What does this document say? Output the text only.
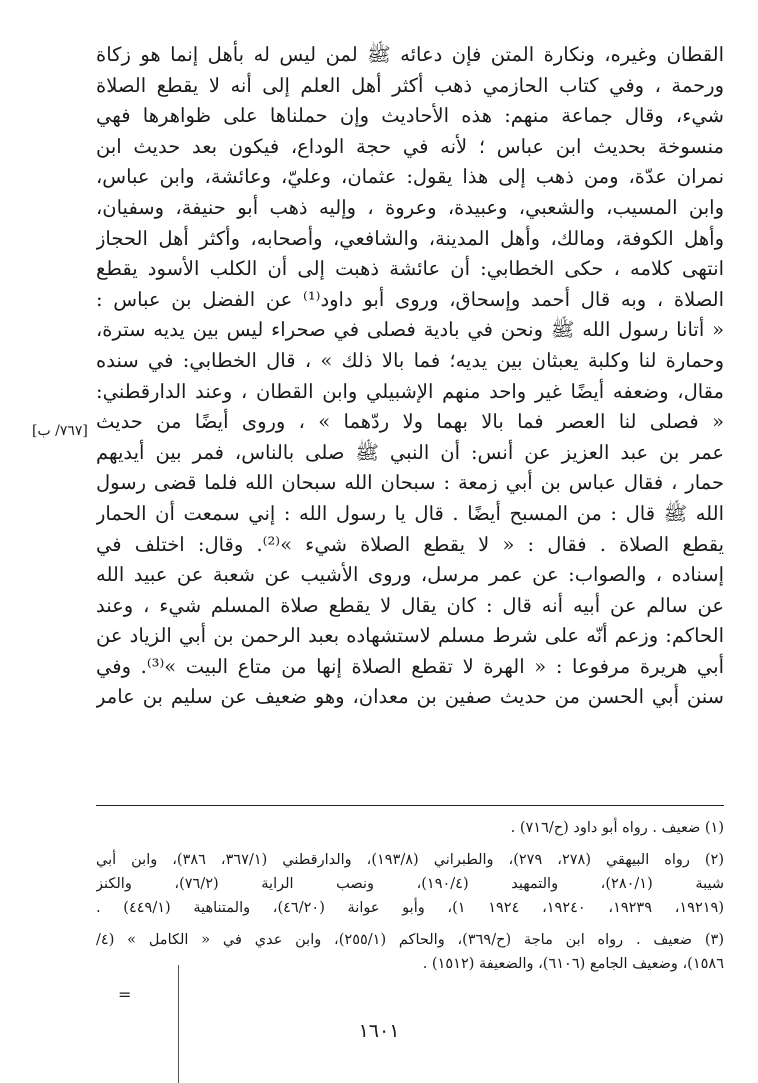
القطان وغيره، ونكارة المتن فإن دعائه ﷺ لمن ليس له بأهل إنما هو زكاة
ورحمة ، وفي كتاب الحازمي ذهب أكثر أهل العلم إلى أنه لا يقطع الصلاة
شيء، وقال جماعة منهم: هذه الأحاديث وإن حملناها على ظواهرها فهي
منسوخة بحديث ابن عباس ؛ لأنه في حجة الوداع، فيكون بعد حديث ابن
نمران عدّة، ومن ذهب إلى هذا يقول: عثمان، وعليّ، وعائشة، وابن عباس،
وابن المسيب، والشعبي، وعبيدة، وعروة ، وإليه ذهب أبو حنيفة، وسفيان،
وأهل الكوفة، ومالك، وأهل المدينة، والشافعي، وأصحابه، وأكثر أهل الحجاز
انتهى كلامه ، حكى الخطابي: أن عائشة ذهبت إلى أن الكلب الأسود يقطع
الصلاة ، وبه قال أحمد وإسحاق، وروى أبو داود⁽¹⁾ عن الفضل بن عباس :
« أتانا رسول الله ﷺ ونحن في بادية فصلى في صحراء ليس بين يديه سترة،
وحمارة لنا وكلبة يعبثان بين يديه؛ فما بالا ذلك » ، قال الخطابي: في سنده
مقال، وضعفه أيضًا غير واحد منهم الإشبيلي وابن القطان ، وعند الدارقطني:
« فصلى لنا العصر فما بالا بهما ولا ردّهما » ، وروى أيضًا من حديث
عمر بن عبد العزيز عن أنس: أن النبي ﷺ صلى بالناس، فمر بين أيديهم
حمار ، فقال عباس بن أبي زمعة : سبحان الله سبحان الله فلما قضى رسول
الله ﷺ قال : من المسبح أيضًا . قال يا رسول الله : إني سمعت أن الحمار
يقطع الصلاة . فقال : « لا يقطع الصلاة شيء »⁽²⁾. وقال: اختلف في
إسناده ، والصواب: عن عمر مرسل، وروى الأشيب عن شعبة عن عبيد الله
عن سالم عن أبيه أنه قال : كان يقال لا يقطع صلاة المسلم شيء ، وعند
الحاكم: وزعم أنّه على شرط مسلم لاستشهاده بعبد الرحمن بن أبي الزياد عن
أبي هريرة مرفوعا : « الهرة لا تقطع الصلاة إنها من متاع البيت »⁽³⁾. وفي
سنن أبي الحسن من حديث صفين بن معدان، وهو ضعيف عن سليم بن عامر
[٧٦٧/ ب]
(١) ضعيف . رواه أبو داود (ح/٧١٦) .
(٢) رواه البيهقي (٢٧٨، ٢٧٩)، والطبراني (١٩٣/٨)، والدارقطني (٣٦٧/١، ٣٨٦)، وابن أبي
شيبة (٢٨٠/١)، والتمهيد (١٩٠/٤)، ونصب الراية (٧٦/٢)، والكنز
(١٩٢١٩، ١٩٢٣٩، ١٩٢٤٠، ١٩٢٤ ١)، وأبو عوانة (٤٦/٢٠)، والمتناهية (٤٤٩/١) .
(٣) ضعيف . رواه ابن ماجة (ح/٣٦٩)، والحاكم (٢٥٥/١)، وابن عدي في « الكامل » (٤/
١٥٨٦)، وضعيف الجامع (٦١٠٦)، والضعيفة (١٥١٢) .
=
١٦٠١
